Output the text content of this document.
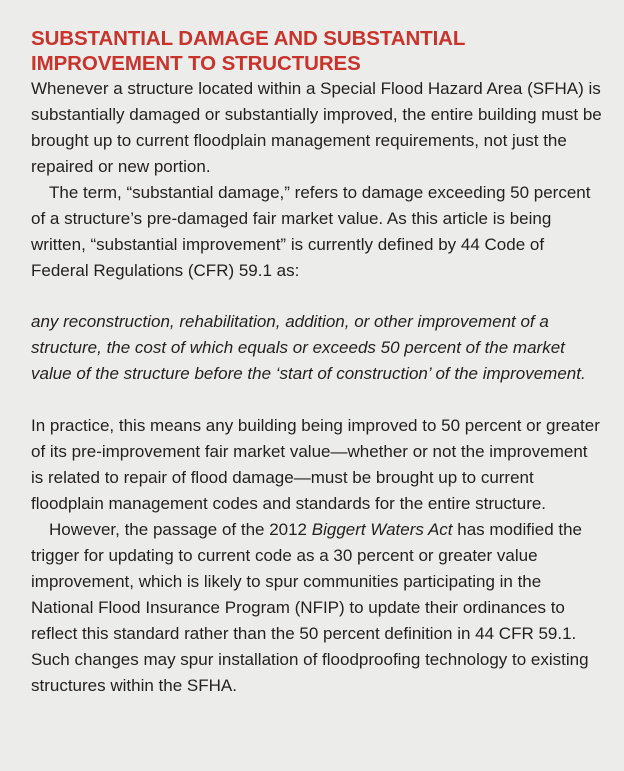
SUBSTANTIAL DAMAGE AND SUBSTANTIAL IMPROVEMENT TO STRUCTURES

Whenever a structure located within a Special Flood Hazard Area (SFHA) is substantially damaged or substantially improved, the entire building must be brought up to current floodplain management requirements, not just the repaired or new portion.

The term, “substantial damage,” refers to damage exceeding 50 percent of a structure’s pre-damaged fair market value. As this article is being written, “substantial improvement” is currently defined by 44 Code of Federal Regulations (CFR) 59.1 as:

any reconstruction, rehabilitation, addition, or other improvement of a structure, the cost of which equals or exceeds 50 percent of the market value of the structure before the ‘start of construction’ of the improvement.

In practice, this means any building being improved to 50 percent or greater of its pre-improvement fair market value—whether or not the improvement is related to repair of flood damage—must be brought up to current floodplain management codes and standards for the entire structure.

However, the passage of the 2012 Biggert Waters Act has modified the trigger for updating to current code as a 30 percent or greater value improvement, which is likely to spur communities participating in the National Flood Insurance Program (NFIP) to update their ordinances to reflect this standard rather than the 50 percent definition in 44 CFR 59.1. Such changes may spur installation of floodproofing technology to existing structures within the SFHA.
